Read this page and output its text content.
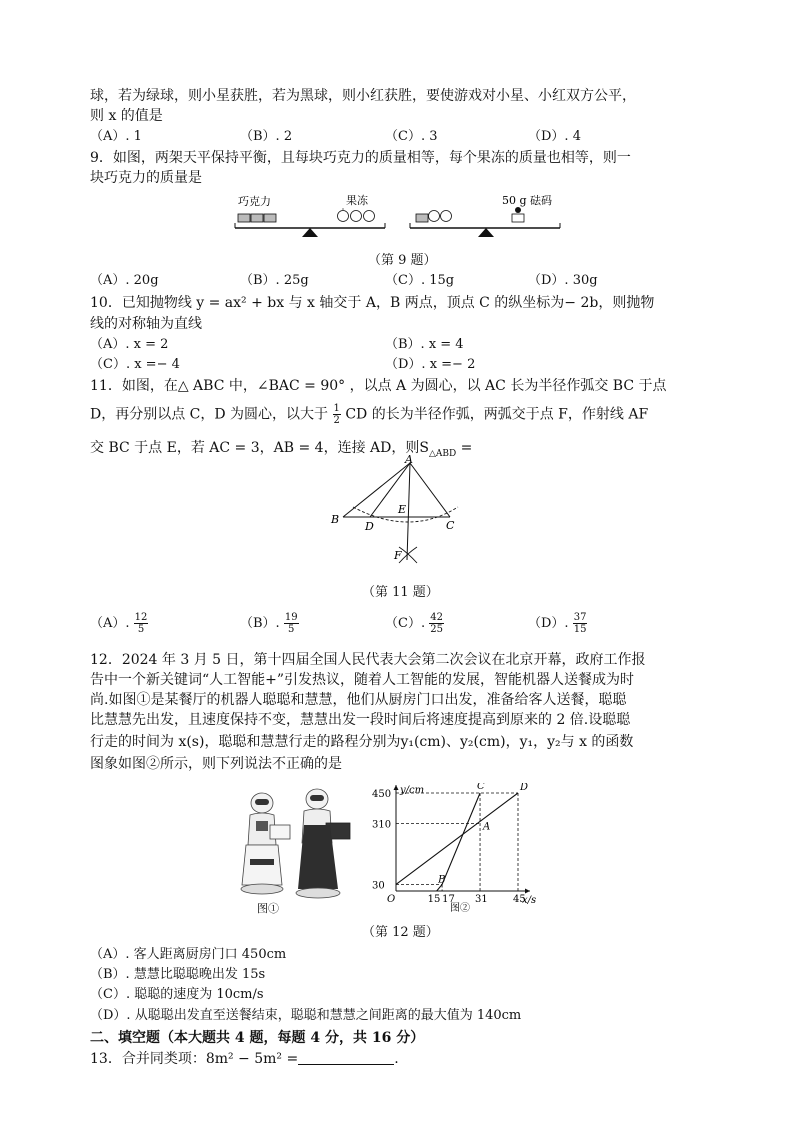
球，若为绿球，则小星获胜，若为黑球，则小红获胜，要使游戏对小星、小红双方公平，
则 x 的值是
（A）. 1	（B）. 2	（C）. 3	（D）. 4
9．如图，两架天平保持平衡，且每块巧克力的质量相等，每个果冻的质量也相等，则一
块巧克力的质量是
巧克力	果冻	50 g 砝码
（第 9 题）
（A）. 20g	（B）. 25g	（C）. 15g	（D）. 30g
10．已知抛物线 y = ax² + bx 与 x 轴交于 A，B 两点，顶点 C 的纵坐标为− 2b，则抛物
线的对称轴为直线
（A）. x = 2	（B）. x = 4
（C）. x =− 4	（D）. x =− 2
11．如图，在△ ABC 中，∠BAC = 90° ，以点 A 为圆心，以 AC 长为半径作弧交 BC 于点
D，再分别以点 C，D 为圆心，以大于 $\frac{1}{2}$ CD 的长为半径作弧，两弧交于点 F，作射线 AF
交 BC 于点 E，若 AC = 3，AB = 4，连接 AD，则$S_{\triangle ABD}$ =
A
B	C
D
E
F
（第 11 题）
（A）. $\frac{12}{5}$	（B）. $\frac{19}{5}$	（C）. $\frac{42}{25}$	（D）. $\frac{37}{15}$
12．2024 年 3 月 5 日，第十四届全国人民代表大会第二次会议在北京开幕，政府工作报
告中一个新关键词“人工智能+”引发热议，随着人工智能的发展，智能机器人送餐成为时
尚.如图①是某餐厅的机器人聪聪和慧慧，他们从厨房门口出发，准备给客人送餐，聪聪
比慧慧先出发，且速度保持不变，慧慧出发一段时间后将速度提高到原来的 2 倍.设聪聪
行走的时间为 x(s)，聪聪和慧慧行走的路程分别为y₁(cm)、y₂(cm)，y₁，y₂与 x 的函数
图象如图②所示，则下列说法不正确的是
图①
y/cm
x/s
O
30
310
450
15 17 31	45
B
A
C	D
图②
（第 12 题）
（A）. 客人距离厨房门口 450cm
（B）. 慧慧比聪聪晚出发 15s
（C）. 聪聪的速度为 10cm/s
（D）. 从聪聪出发直至送餐结束，聪聪和慧慧之间距离的最大值为 140cm
二、填空题（本大题共 4 题，每题 4 分，共 16 分）
13．合并同类项：8m² − 5m² =	.
